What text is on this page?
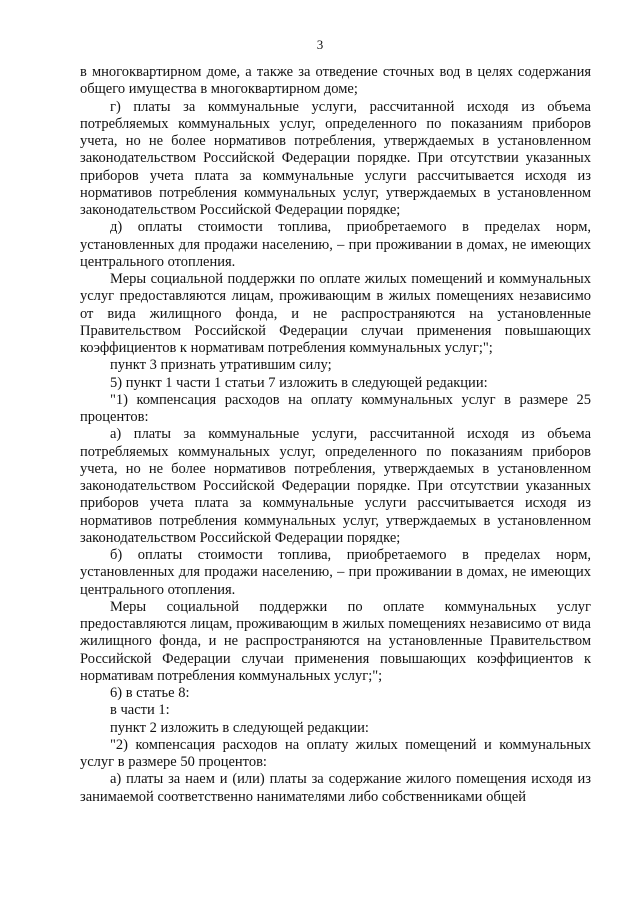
3

в многоквартирном доме, а также за отведение сточных вод в целях содержания общего имущества в многоквартирном доме;

г) платы за коммунальные услуги, рассчитанной исходя из объема потребляемых коммунальных услуг, определенного по показаниям приборов учета, но не более нормативов потребления, утверждаемых в установленном законодательством Российской Федерации порядке. При отсутствии указанных приборов учета плата за коммунальные услуги рассчитывается исходя из нормативов потребления коммунальных услуг, утверждаемых в установленном законодательством Российской Федерации порядке;

д) оплаты стоимости топлива, приобретаемого в пределах норм, установленных для продажи населению, – при проживании в домах, не имеющих центрального отопления.

Меры социальной поддержки по оплате жилых помещений и коммунальных услуг предоставляются лицам, проживающим в жилых помещениях независимо от вида жилищного фонда, и не распространяются на установленные Правительством Российской Федерации случаи применения повышающих коэффициентов к нормативам потребления коммунальных услуг;";

пункт 3 признать утратившим силу;

5) пункт 1 части 1 статьи 7 изложить в следующей редакции:

"1) компенсация расходов на оплату коммунальных услуг в размере 25 процентов:

а) платы за коммунальные услуги, рассчитанной исходя из объема потребляемых коммунальных услуг, определенного по показаниям приборов учета, но не более нормативов потребления, утверждаемых в установленном законодательством Российской Федерации порядке. При отсутствии указанных приборов учета плата за коммунальные услуги рассчитывается исходя из нормативов потребления коммунальных услуг, утверждаемых в установленном законодательством Российской Федерации порядке;

б) оплаты стоимости топлива, приобретаемого в пределах норм, установленных для продажи населению, – при проживании в домах, не имеющих центрального отопления.

Меры социальной поддержки по оплате коммунальных услуг предоставляются лицам, проживающим в жилых помещениях независимо от вида жилищного фонда, и не распространяются на установленные Правительством Российской Федерации случаи применения повышающих коэффициентов к нормативам потребления коммунальных услуг;";

6) в статье 8:

в части 1:

пункт 2 изложить в следующей редакции:

"2) компенсация расходов на оплату жилых помещений и коммунальных услуг в размере 50 процентов:

а) платы за наем и (или) платы за содержание жилого помещения исходя из занимаемой соответственно нанимателями либо собственниками общей
